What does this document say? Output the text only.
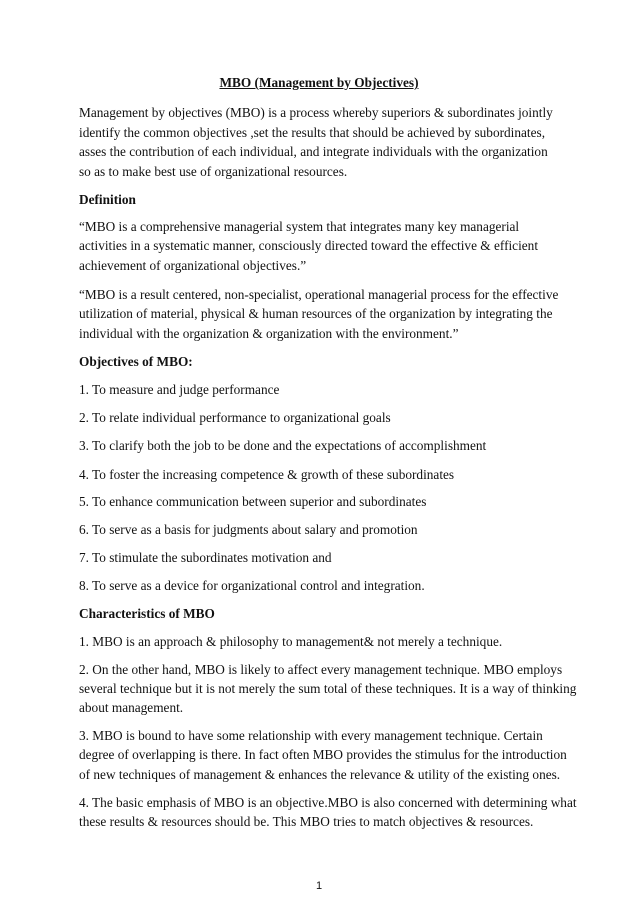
MBO (Management by Objectives)
Management by objectives (MBO) is a process whereby superiors & subordinates jointly
identify the common objectives ,set the results that should be achieved by subordinates,
asses the contribution of each individual, and integrate individuals with the organization
so as to make best use of organizational resources.
Definition
“MBO is a comprehensive managerial system that integrates many key managerial
activities in a systematic manner, consciously directed toward the effective & efficient
achievement of organizational objectives.”
“MBO is a result centered, non-specialist, operational managerial process for the effective
utilization of material, physical & human resources of the organization by integrating the
individual with the organization & organization with the environment.”
Objectives of MBO:
1. To measure and judge performance
2. To relate individual performance to organizational goals
3. To clarify both the job to be done and the expectations of accomplishment
4. To foster the increasing competence & growth of these subordinates
5. To enhance communication between superior and subordinates
6. To serve as a basis for judgments about salary and promotion
7. To stimulate the subordinates motivation and
8. To serve as a device for organizational control and integration.
Characteristics of MBO
1. MBO is an approach & philosophy to management& not merely a technique.
2. On the other hand, MBO is likely to affect every management technique. MBO employs
several technique but it is not merely the sum total of these techniques. It is a way of thinking
about management.
3. MBO is bound to have some relationship with every management technique. Certain
degree of overlapping is there. In fact often MBO provides the stimulus for the introduction
of new techniques of management & enhances the relevance & utility of the existing ones.
4. The basic emphasis of MBO is an objective.MBO is also concerned with determining what
these results & resources should be. This MBO tries to match objectives & resources.
1
